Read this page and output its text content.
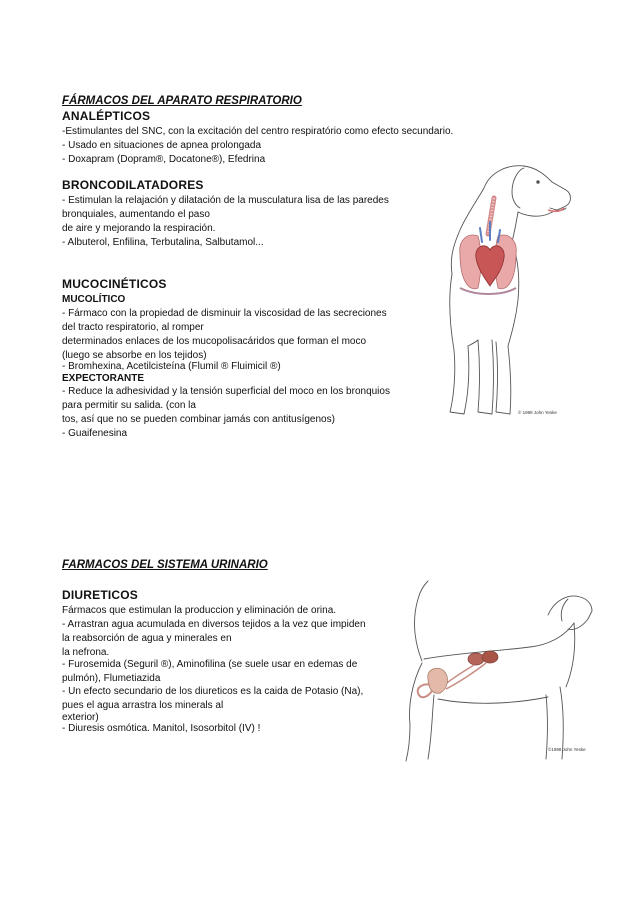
FÁRMACOS DEL APARATO RESPIRATORIO

ANALÉPTICOS

-Estimulantes del SNC, con la excitación del centro respiratório como efecto secundario.

- Usado en situaciones de apnea prolongada

- Doxapram (Dopram®, Docatone®), Efedrina

BRONCODILATADORES

- Estimulan la relajación y dilatación de la musculatura lisa de las paredes

bronquiales, aumentando el paso

de aire y mejorando la respiración.

- Albuterol, Enfilina, Terbutalina, Salbutamol...

MUCOCINÉTICOS

MUCOLÍTICO

- Fármaco con la propiedad de disminuir la viscosidad de las secreciones

del tracto respiratorio, al romper

determinados enlaces de los mucopolisacáridos que forman el moco

(luego se absorbe en los tejidos)

- Bromhexina, Acetilcisteína (Flumil ® Fluimicil ®)

EXPECTORANTE

- Reduce la adhesividad y la tensión superficial del moco en los bronquios

para permitir su salida. (con la

tos, así que no se pueden combinar jamás con antitusígenos)

- Guaifenesina

© 1998 John Yeske

FARMACOS DEL SISTEMA URINARIO

DIURETICOS

Fármacos que estimulan la produccion y eliminación de orina.

- Arrastran agua acumulada en diversos tejidos a la vez que impiden

la reabsorción de agua y minerales en

la nefrona.

- Furosemida (Seguril ®), Aminofilina (se suele usar en edemas de

pulmón), Flumetiazida

- Un efecto secundario de los diureticos es la caida de Potasio (Na),

pues el agua arrastra los minerals al

exterior)

- Diuresis osmótica. Manitol, Isosorbitol (IV) !

©1998 John Yeske
